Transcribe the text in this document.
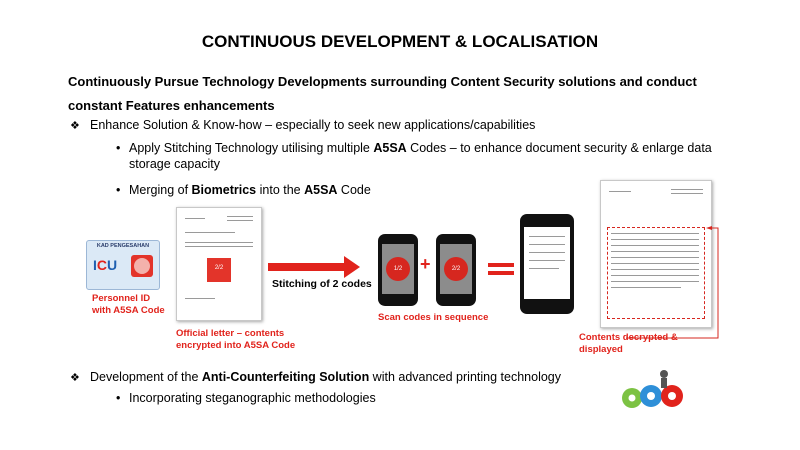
CONTINUOUS DEVELOPMENT & LOCALISATION
Continuously Pursue Technology Developments surrounding Content Security solutions and conduct
constant Features enhancements
❖ Enhance Solution & Know-how – especially to seek new applications/capabilities
• Apply Stitching Technology utilising multiple A5SA Codes – to enhance document security & enlarge data
storage capacity
• Merging of Biometrics into the A5SA Code
KAD PENGESAHAN
ICU
Personnel ID
with A5SA Code
2/2
Official letter – contents
encrypted into A5SA Code
Stitching of 2 codes
1/2 +	2/2
Scan codes in sequence
Contents decrypted &
displayed
❖ Development of the Anti-Counterfeiting Solution with advanced printing technology
• Incorporating steganographic methodologies
